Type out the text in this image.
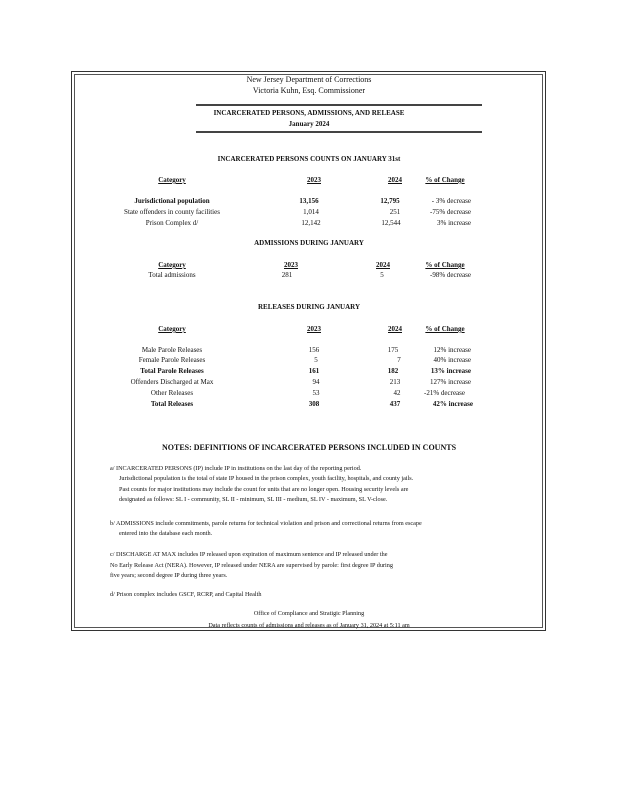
New Jersey Department of Corrections
Victoria Kuhn, Esq. Commissioner
INCARCERATED PERSONS, ADMISSIONS, AND RELEASE
January 2024
INCARCERATED PERSONS COUNTS ON JANUARY 31st
Category	2023	2024	% of Change
Jurisdictional population	13,156	12,795	- 3% decrease
State offenders in county facilities	1,014	251	-75% decrease
Prison Complex d/	12,142	12,544	3% increase
ADMISSIONS DURING JANUARY
Category	2023	2024	% of Change
Total admissions	281	5	-98% decrease
RELEASES DURING JANUARY
Category	2023	2024	% of Change
Male Parole Releases	156	175	12% increase
Female Parole Releases	5	7	40% increase
Total Parole Releases	161	182	13% increase
Offenders Discharged at Max	94	213	127% increase
Other Releases	53	42	-21% decrease
Total Releases	308	437	42% increase
NOTES: DEFINITIONS OF INCARCERATED PERSONS INCLUDED IN COUNTS
a/ INCARCERATED PERSONS (IP) include IP in institutions on the last day of the reporting period.
Jurisdictional population is the total of state IP housed in the prison complex, youth facility, hospitals, and county jails.
Past counts for major institutions may include the count for units that are no longer open. Housing security levels are
designated as follows: SL I - community, SL II - minimum, SL III - medium, SL IV - maximum, SL V-close.
b/ ADMISSIONS include commitments, parole returns for technical violation and prison and correctional returns from escape
entered into the database each month.
c/ DISCHARGE AT MAX includes IP released upon expiration of maximum sentence and IP released under the
No Early Release Act (NERA). However, IP released under NERA are supervised by parole: first degree IP during
five years; second degree IP during three years.
d/ Prison complex includes GSCF, RCRP, and Capital Health
Office of Compliance and Stratigic Planning
Data reflects counts of admissions and releases as of January 31, 2024 at 5:11 am
